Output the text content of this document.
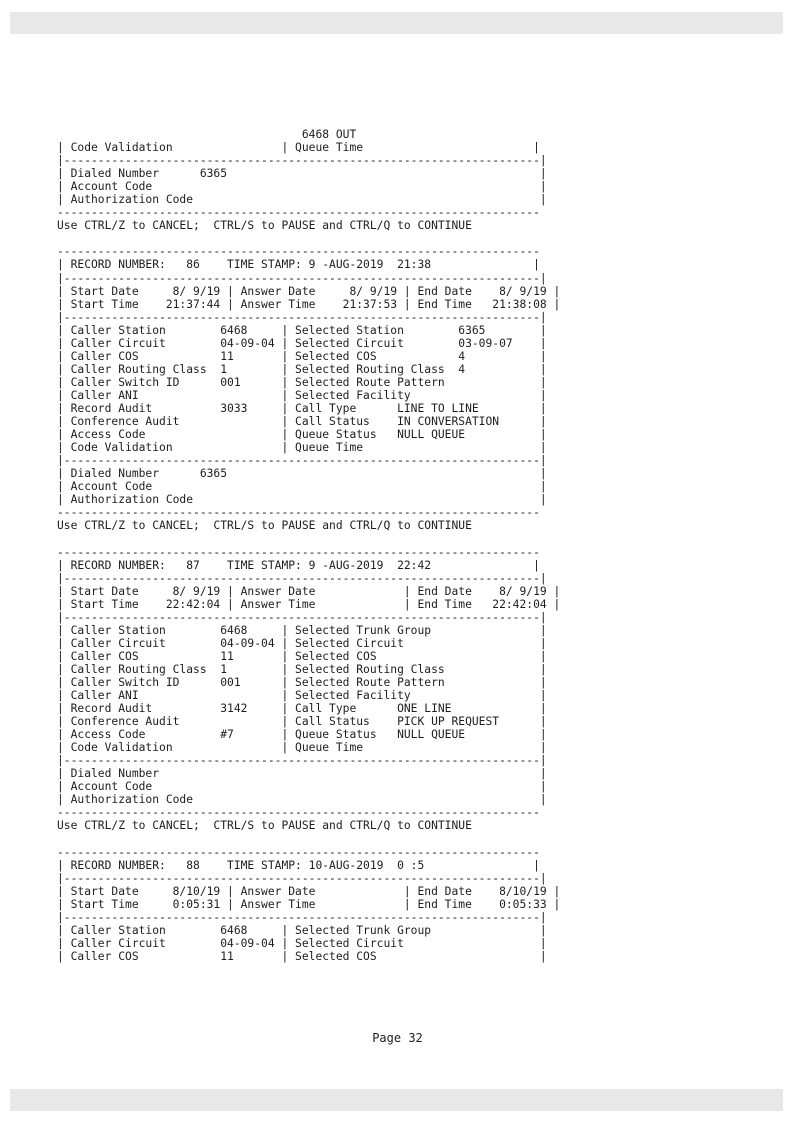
6468 OUT
| Code Validation                | Queue Time                         |
|----------------------------------------------------------------------|
| Dialed Number      6365                                              |
| Account Code                                                         |
| Authorization Code                                                   |
-----------------------------------------------------------------------
Use CTRL/Z to CANCEL;  CTRL/S to PAUSE and CTRL/Q to CONTINUE

-----------------------------------------------------------------------
| RECORD NUMBER:   86    TIME STAMP: 9 -AUG-2019  21:38               |
|----------------------------------------------------------------------|
| Start Date     8/ 9/19 | Answer Date     8/ 9/19 | End Date    8/ 9/19 |
| Start Time    21:37:44 | Answer Time    21:37:53 | End Time   21:38:08 |
|----------------------------------------------------------------------|
| Caller Station        6468     | Selected Station        6365        |
| Caller Circuit        04-09-04 | Selected Circuit        03-09-07    |
| Caller COS            11       | Selected COS            4           |
| Caller Routing Class  1        | Selected Routing Class  4           |
| Caller Switch ID      001      | Selected Route Pattern              |
| Caller ANI                     | Selected Facility                   |
| Record Audit          3033     | Call Type      LINE TO LINE         |
| Conference Audit               | Call Status    IN CONVERSATION      |
| Access Code                    | Queue Status   NULL QUEUE           |
| Code Validation                | Queue Time                          |
|----------------------------------------------------------------------|
| Dialed Number      6365                                              |
| Account Code                                                         |
| Authorization Code                                                   |
-----------------------------------------------------------------------
Use CTRL/Z to CANCEL;  CTRL/S to PAUSE and CTRL/Q to CONTINUE

-----------------------------------------------------------------------
| RECORD NUMBER:   87    TIME STAMP: 9 -AUG-2019  22:42               |
|----------------------------------------------------------------------|
| Start Date     8/ 9/19 | Answer Date             | End Date    8/ 9/19 |
| Start Time    22:42:04 | Answer Time             | End Time   22:42:04 |
|----------------------------------------------------------------------|
| Caller Station        6468     | Selected Trunk Group                |
| Caller Circuit        04-09-04 | Selected Circuit                    |
| Caller COS            11       | Selected COS                        |
| Caller Routing Class  1        | Selected Routing Class              |
| Caller Switch ID      001      | Selected Route Pattern              |
| Caller ANI                     | Selected Facility                   |
| Record Audit          3142     | Call Type      ONE LINE             |
| Conference Audit               | Call Status    PICK UP REQUEST      |
| Access Code           #7       | Queue Status   NULL QUEUE           |
| Code Validation                | Queue Time                          |
|----------------------------------------------------------------------|
| Dialed Number                                                        |
| Account Code                                                         |
| Authorization Code                                                   |
-----------------------------------------------------------------------
Use CTRL/Z to CANCEL;  CTRL/S to PAUSE and CTRL/Q to CONTINUE

-----------------------------------------------------------------------
| RECORD NUMBER:   88    TIME STAMP: 10-AUG-2019  0 :5                |
|----------------------------------------------------------------------|
| Start Date     8/10/19 | Answer Date             | End Date    8/10/19 |
| Start Time     0:05:31 | Answer Time             | End Time    0:05:33 |
|----------------------------------------------------------------------|
| Caller Station        6468     | Selected Trunk Group                |
| Caller Circuit        04-09-04 | Selected Circuit                    |
| Caller COS            11       | Selected COS                        |

Page 32
